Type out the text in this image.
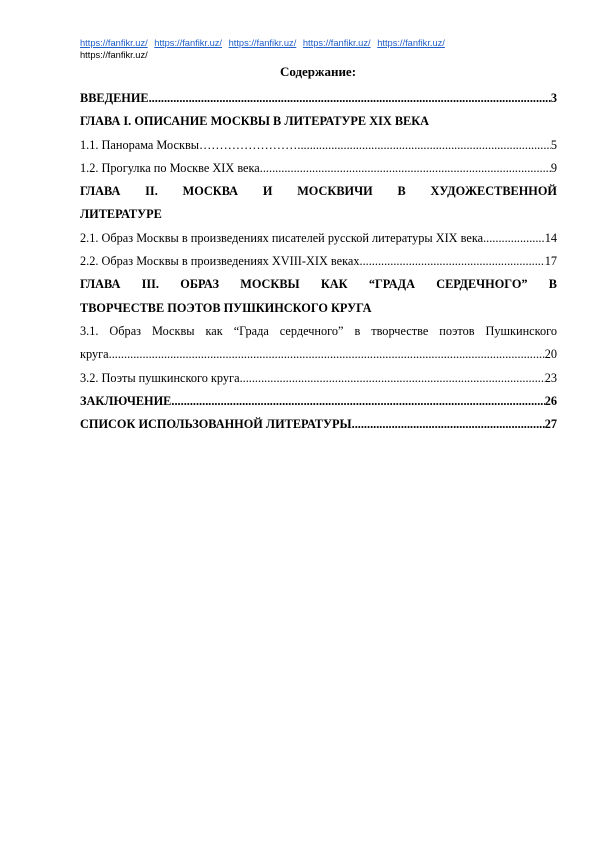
https://fanfikr.uz/ https://fanfikr.uz/ https://fanfikr.uz/ https://fanfikr.uz/ https://fanfikr.uz/
https://fanfikr.uz/
Содержание:
ВВЕДЕНИЕ .....	3
ГЛАВА I. ОПИСАНИЕ МОСКВЫ В ЛИТЕРАТУРЕ XIX ВЕКА
1.1. Панорама Москвы…………………… .....	5
1.2. Прогулка по Москве XIX века .....	9
ГЛАВА II. МОСКВА И МОСКВИЧИ В ХУДОЖЕСТВЕННОЙ
ЛИТЕРАТУРЕ
2.1. Образ Москвы в произведениях писателей русской литературы XIX века .....	14
2.2. Образ Москвы в произведениях XVIII-XIX веках .....	17
ГЛАВА III. ОБРАЗ МОСКВЫ КАК “ГРАДА СЕРДЕЧНОГО” В
ТВОРЧЕСТВЕ ПОЭТОВ ПУШКИНСКОГО КРУГА
3.1. Образ Москвы как “Града сердечного” в творчестве поэтов Пушкинского
круга .....	20
3.2. Поэты пушкинского круга .....	23
ЗАКЛЮЧЕНИЕ .....	26
СПИСОК ИСПОЛЬЗОВАННОЙ ЛИТЕРАТУРЫ .....	27
